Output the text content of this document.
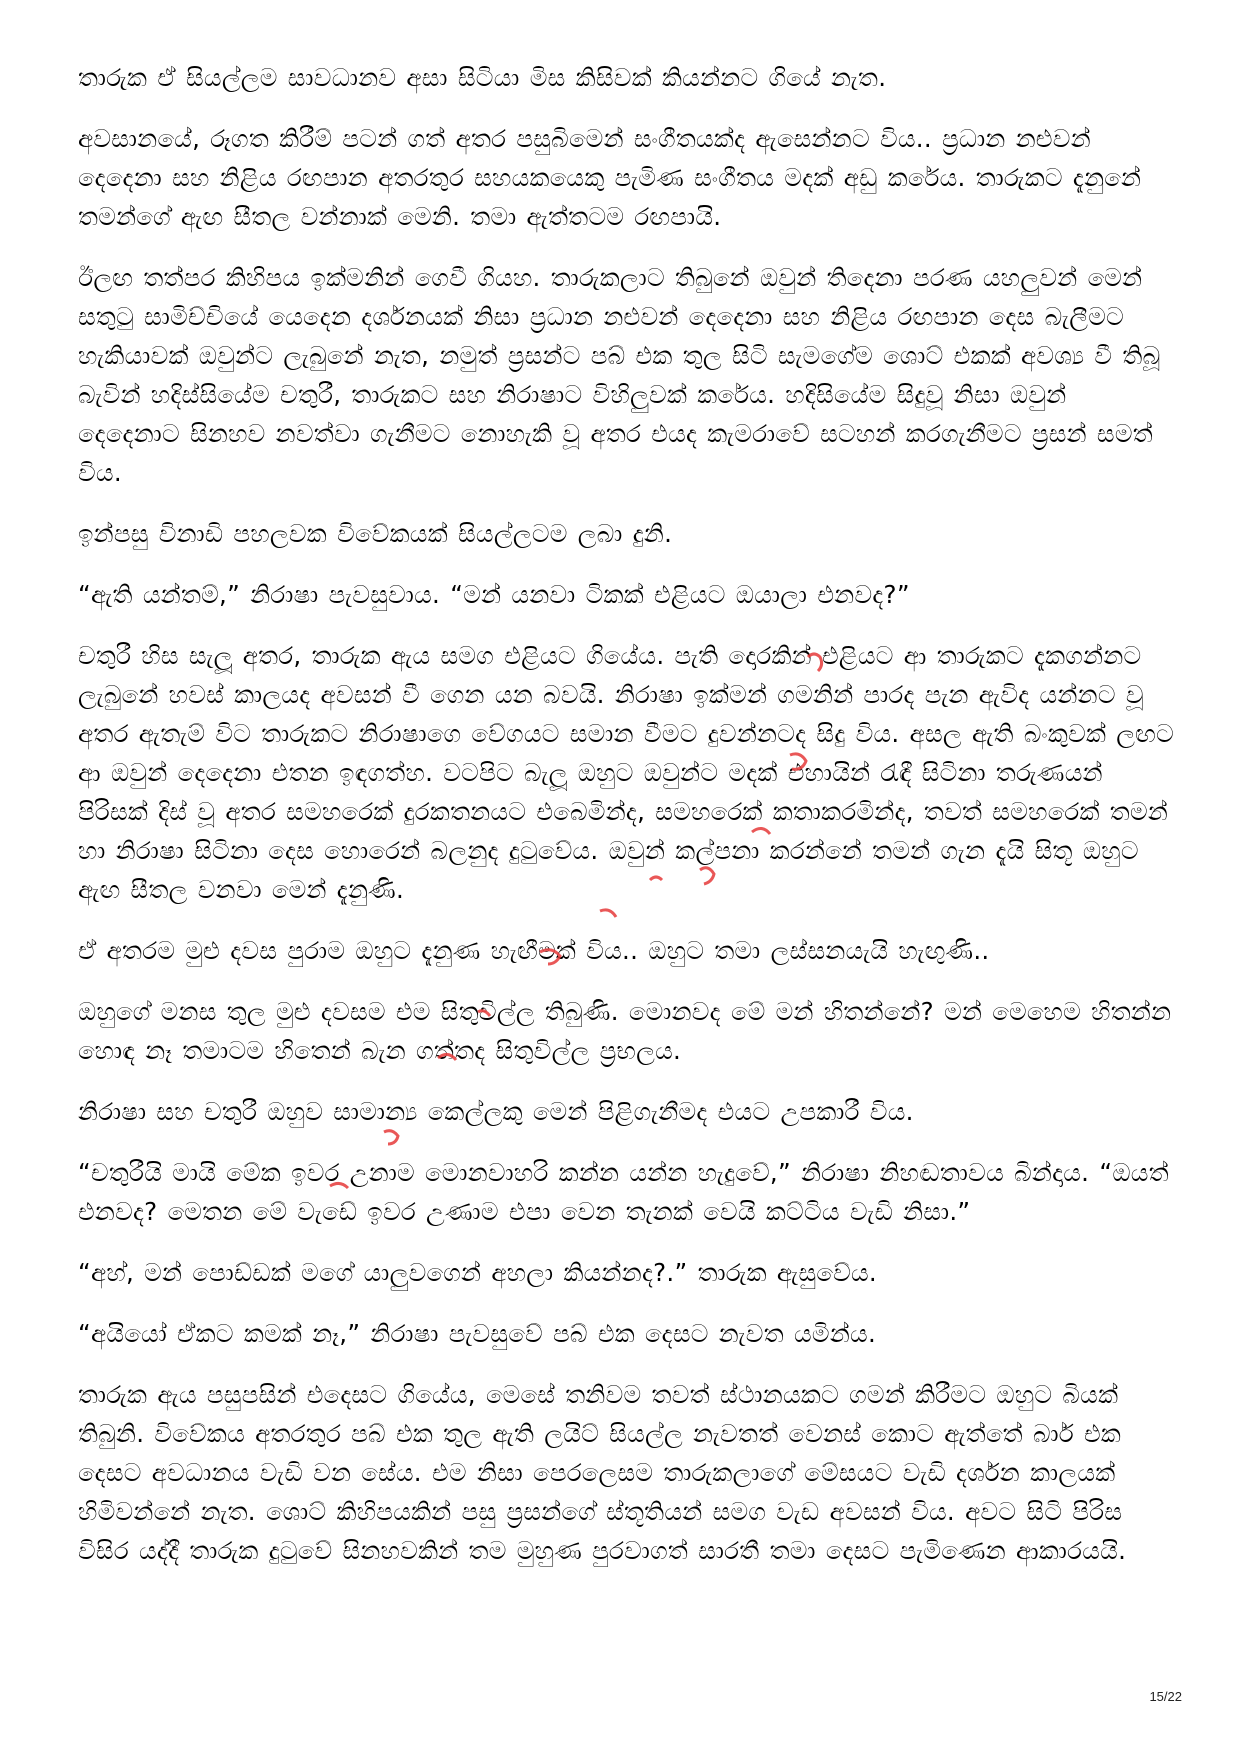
තාරුක ඒ සියල්ලම සාවධානව අසා සිටියා මිස කිසිවක් කියන්නට ගියේ නැත.

අවසානයේ, රූගත කිරීම් පටන් ගත් අතර පසුබිමෙන් සංගීතයක්ද ඇසෙන්නට විය.. ප්‍රධාන නළුවන් දෙදෙනා සහ නිළිය රඟපාන අතරතුර සහයකයෙකු පැමිණ සංගීතය මදක් අඩු කරේය. තාරුකට දැනුනේ තමන්ගේ ඇඟ සීතල වන්නාක් මෙනි. තමා ඇත්තටම රඟපායි.

ඊලඟ තත්පර කිහිපය ඉක්මනින් ගෙවී ගියහ. තාරුකලාට තිබුනේ ඔවුන් තිදෙනා පරණ යහලුවන් මෙන් සතුටු සාමිච්චියේ යෙදෙන දර්ශනයක් නිසා ප්‍රධාන නළුවන් දෙදෙනා සහ නිළිය රඟපාන දෙස බැලීමට හැකියාවක් ඔවුන්ට ලැබුනේ නැත, නමුත් ප්‍රසන්ට පබ් එක තුල සිටි සැමගේම ශොට් එකක් අවශ්‍ය වී තිබූ බැවින් හදිස්සියේම චතුරී, තාරුකට සහ නිරාෂාට විහිලුවක් කරේය. හදිසියේම සිදුවූ නිසා ඔවුන් දෙදෙනාට සිනහව නවත්වා ගැනීමට නොහැකි වූ අතර එයද කැමරාවේ සටහන් කරගැනීමට ප්‍රසන් සමත් විය.

ඉන්පසු විනාඩි පහලවක විවේකයක් සියල්ලටම ලබා දුනි.

“ඇති යන්තම්,” නිරාෂා පැවසුවාය. “මන් යනවා ටිකක් එළියට ඔයාලා එනවද?”

චතුරී හිස සැලූ අතර, තාරුක ඇය සමග එළියට ගියේය. පැති දොරකින් එළියට ආ තාරුකට දැකගන්නට ලැබුනේ හවස් කාලයද අවසන් වී ගෙන යන බවයි. නිරාෂා ඉක්මන් ගමනින් පාරද පැන ඇවිද යන්නට වූ අතර ඇතැම් විට තාරුකට නිරාෂාගෙ වේගයට සමාන වීමට දුවන්නටද සිදු විය. අසල ඇති බංකුවක් ලඟට ආ ඔවුන් දෙදෙනා එතන ඉඳගත්හ. වටපිට බැලූ ඔහුට ඔවුන්ට මදක් එහායින් රැඳී සිටිනා තරුණයන් පිරිසක් දිස් වූ අතර සමහරෙක් දුරකතනයට එබෙමින්ද, සමහරෙක් කතාකරමින්ද, තවත් සමහරෙක් තමන් හා නිරාෂා සිටිනා දෙස හොරෙන් බලනුද දුටුවේය. ඔවුන් කල්පනා කරන්නේ තමන් ගැන දැයි සිතූ ඔහුට ඇඟ සීතල වනවා මෙන් දැනුණි.

ඒ අතරම මුළු දවස පුරාම ඔහුට දැනුණ හැඟීමක් විය.. ඔහුට තමා ලස්සනයැයි හැඟුණි..

ඔහුගේ මනස තුල මුළු දවසම එම සිතුවිල්ල තිබුණි. මොනවද මේ මන් හිතන්නේ? මන් මෙහෙම හිතන්න හොඳ නෑ තමාටම හිතෙන් බැන ගත්තද සිතුවිල්ල ප්‍රභලය.

නිරාෂා සහ චතුරී ඔහුව සාමාන්‍ය කෙල්ලකු මෙන් පිළිගැනීමද එයට උපකාරී විය.

“චතුරීයි මායි මේක ඉවර උනාම මොනවාහරි කන්න යන්න හැදුවේ,” නිරාෂා නිහඬතාවය බින්දාය. “ඔයත් එනවද? මෙතන මේ වැඩේ ඉවර උණාම එපා වෙන තැනක් වෙයි කට්ටිය වැඩි නිසා.”

“අහ්, මන් පොඩ්ඩක් මගේ යාලුවගෙන් අහලා කියන්නද?.” තාරුක ඇසුවේය.

“අයියෝ ඒකට කමක් නෑ,” නිරාෂා පැවසුවේ පබ් එක දෙසට නැවත යමින්ය.

තාරුක ඇය පසුපසින් එදෙසට ගියේය, මෙසේ තනිවම තවත් ස්ථානයකට ගමන් කිරීමට ඔහුට බියක් තිබුනි. විවේකය අතරතුර පබ් එක තුල ඇති ලයිට් සියල්ල නැවතත් වෙනස් කොට ඇත්තේ බාර් එක දෙසට අවධානය වැඩි වන සේය. එම නිසා පෙරලෙසම තාරුකලාගේ මේසයට වැඩි දර්ශන කාලයක් හිමිවන්නේ නැත. ශොට් කිහිපයකින් පසු ප්‍රසන්ගේ ස්තූතියන් සමග වැඩ අවසන් විය. අවට සිටි පිරිස විසිර යද්දී තාරුක දුටුවේ සිනහවකින් තම මුහුණ පුරවාගත් සාරතී තමා දෙසට පැමිණෙන ආකාරයයි.

15/22
